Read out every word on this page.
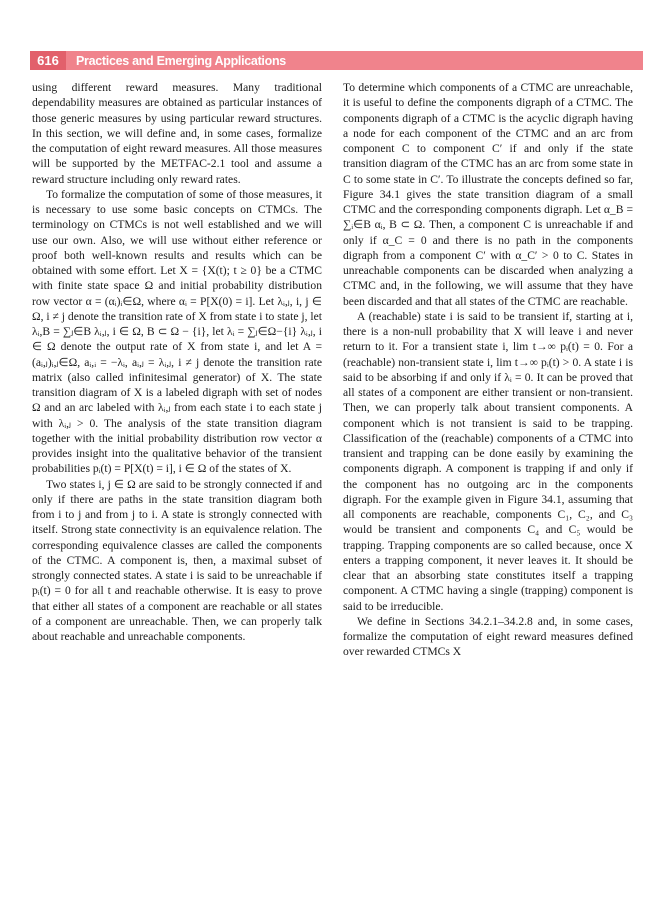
616	Practices and Emerging Applications

using different reward measures. Many traditional dependability measures are obtained as particular instances of those generic measures by using particular reward structures. In this section, we will define and, in some cases, formalize the computation of eight reward measures. All those measures will be supported by the METFAC-2.1 tool and assume a reward structure including only reward rates.

To formalize the computation of some of those measures, it is necessary to use some basic concepts on CTMCs. The terminology on CTMCs is not well established and we will use our own. Also, we will use without either reference or proof both well-known results and results which can be obtained with some effort. Let X = {X(t); t ≥ 0} be a CTMC with finite state space Ω and initial probability distribution row vector α = (αᵢ)ᵢ∈Ω, where αᵢ = P[X(0) = i]. Let λᵢ,ⱼ, i, j ∈ Ω, i ≠ j denote the transition rate of X from state i to state j, let λᵢ,B = ∑ⱼ∈B λᵢ,ⱼ, i ∈ Ω, B ⊂ Ω − {i}, let λᵢ = ∑ⱼ∈Ω−{i} λᵢ,ⱼ, i ∈ Ω denote the output rate of X from state i, and let A = (aᵢ,ⱼ)ᵢ,ⱼ∈Ω, aᵢ,ᵢ = −λᵢ, aᵢ,ⱼ = λᵢ,ⱼ, i ≠ j denote the transition rate matrix (also called infinitesimal generator) of X. The state transition diagram of X is a labeled digraph with set of nodes Ω and an arc labeled with λᵢ,ⱼ from each state i to each state j with λᵢ,ⱼ > 0. The analysis of the state transition diagram together with the initial probability distribution row vector α provides insight into the qualitative behavior of the transient probabilities pᵢ(t) = P[X(t) = i], i ∈ Ω of the states of X.

Two states i, j ∈ Ω are said to be strongly connected if and only if there are paths in the state transition diagram both from i to j and from j to i. A state is strongly connected with itself. Strong state connectivity is an equivalence relation. The corresponding equivalence classes are called the components of the CTMC. A component is, then, a maximal subset of strongly connected states. A state i is said to be unreachable if pᵢ(t) = 0 for all t and reachable otherwise. It is easy to prove that either all states of a component are reachable or all states of a component are unreachable. Then, we can properly talk about reachable and unreachable components.

To determine which components of a CTMC are unreachable, it is useful to define the components digraph of a CTMC. The components digraph of a CTMC is the acyclic digraph having a node for each component of the CTMC and an arc from component C to component C′ if and only if the state transition diagram of the CTMC has an arc from some state in C to some state in C′. To illustrate the concepts defined so far, Figure 34.1 gives the state transition diagram of a small CTMC and the corresponding components digraph. Let α_B = ∑ᵢ∈B αᵢ, B ⊂ Ω. Then, a component C is unreachable if and only if α_C = 0 and there is no path in the components digraph from a component C′ with α_C′ > 0 to C. States in unreachable components can be discarded when analyzing a CTMC and, in the following, we will assume that they have been discarded and that all states of the CTMC are reachable.

A (reachable) state i is said to be transient if, starting at i, there is a non-null probability that X will leave i and never return to it. For a transient state i, lim t→∞ pᵢ(t) = 0. For a (reachable) non-transient state i, lim t→∞ pᵢ(t) > 0. A state i is said to be absorbing if and only if λᵢ = 0. It can be proved that all states of a component are either transient or non-transient. Then, we can properly talk about transient components. A component which is not transient is said to be trapping. Classification of the (reachable) components of a CTMC into transient and trapping can be done easily by examining the components digraph. A component is trapping if and only if the component has no outgoing arc in the components digraph. For the example given in Figure 34.1, assuming that all components are reachable, components C₁, C₂, and C₃ would be transient and components C₄ and C₅ would be trapping. Trapping components are so called because, once X enters a trapping component, it never leaves it. It should be clear that an absorbing state constitutes itself a trapping component. A CTMC having a single (trapping) component is said to be irreducible.

We define in Sections 34.2.1–34.2.8 and, in some cases, formalize the computation of eight reward measures defined over rewarded CTMCs X
